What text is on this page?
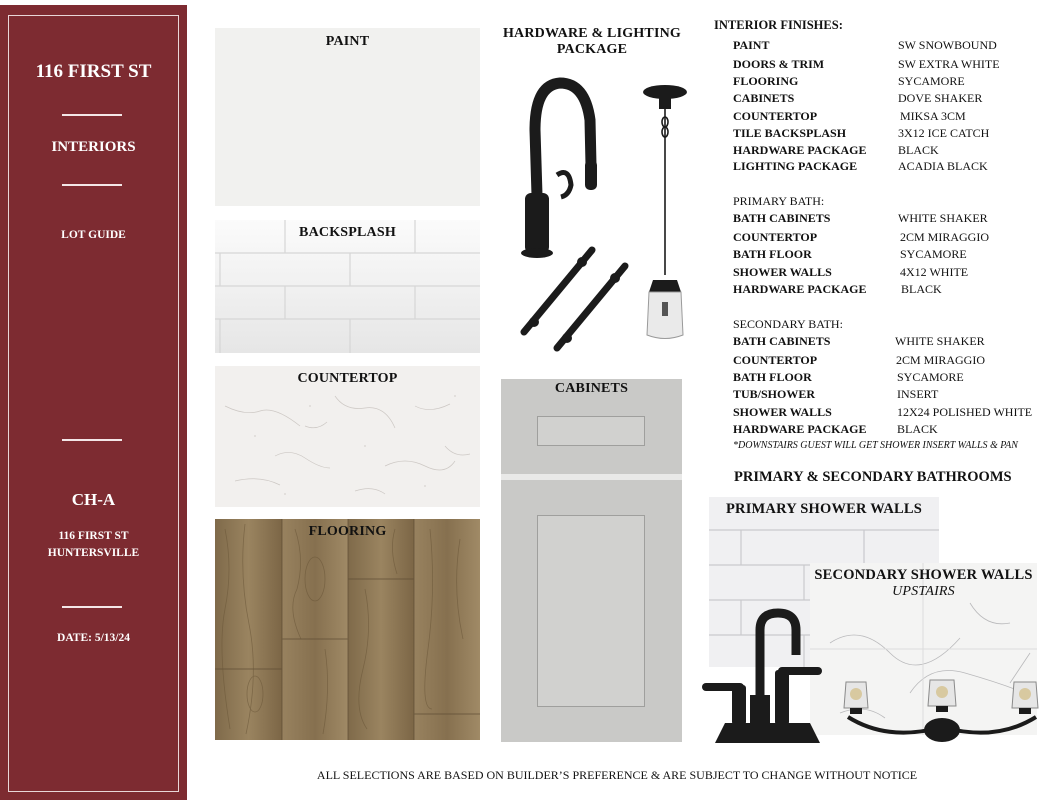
116 FIRST ST
INTERIORS
LOT GUIDE
CH-A
116 FIRST ST
HUNTERSVILLE
DATE: 5/13/24
PAINT
BACKSPLASH
COUNTERTOP
FLOORING
HARDWARE & LIGHTING
PACKAGE
CABINETS
INTERIOR FINISHES:
PAINT	SW SNOWBOUND
DOORS & TRIM	SW EXTRA WHITE
FLOORING	SYCAMORE
CABINETS	DOVE SHAKER
COUNTERTOP	MIKSA 3CM
TILE BACKSPLASH	3X12 ICE CATCH
HARDWARE PACKAGE	BLACK
LIGHTING PACKAGE	ACADIA BLACK
PRIMARY BATH:
BATH CABINETS	WHITE SHAKER
COUNTERTOP	2CM MIRAGGIO
BATH FLOOR	SYCAMORE
SHOWER WALLS	4X12 WHITE
HARDWARE PACKAGE	BLACK
SECONDARY BATH:
BATH CABINETS	WHITE SHAKER
COUNTERTOP	2CM MIRAGGIO
BATH FLOOR	SYCAMORE
TUB/SHOWER	INSERT
SHOWER WALLS	12X24 POLISHED WHITE
HARDWARE PACKAGE	BLACK
*DOWNSTAIRS GUEST WILL GET SHOWER INSERT WALLS & PAN
PRIMARY & SECONDARY BATHROOMS
PRIMARY SHOWER WALLS
SECONDARY SHOWER WALLS
UPSTAIRS
ALL SELECTIONS ARE BASED ON BUILDER’S PREFERENCE & ARE SUBJECT TO CHANGE WITHOUT NOTICE
